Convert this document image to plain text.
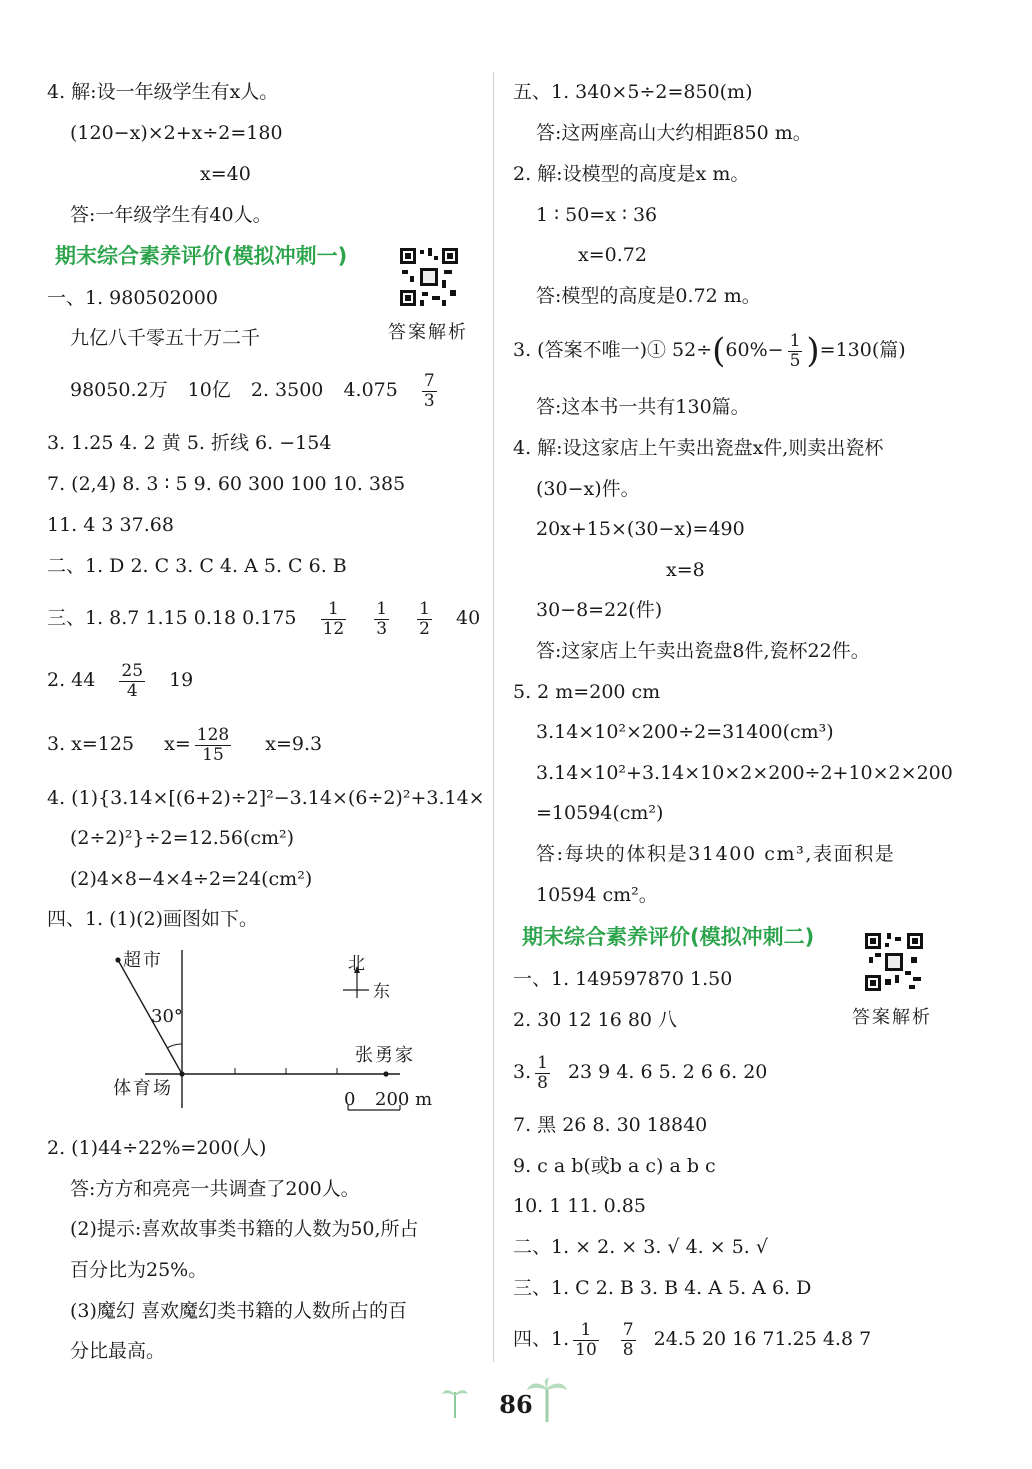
4. 解:设一年级学生有x人。
(120−x)×2+x÷2=180
x=40
答:一年级学生有40人。
期末综合素养评价(模拟冲刺一)
答案解析
一、1. 980502000
九亿八千零五十万二千
98050.2万 10亿 2. 3500 $4.075 \frac{7}{3}$
3. 1.25 4. 2 黄 5. 折线 6. −154
7. (2,4) 8. 3 ∶ 5 9. 60 300 100 10. 385
11. 4 3 37.68
二、1. D 2. C 3. C 4. A 5. C 6. B
三、1. 8.7 1.15 0.18 $0.175 \frac{1}{12}$
$\frac{1}{3}$
$\frac{1}{2} 40$
2. $44 \frac{25}{4} 19$
3. x=125 $x= \frac{128}{15} x=9.3$
4. (1){3.14×[(6+2)÷2]²−3.14×(6÷2)²+3.14×
(2÷2)²}÷2=12.56(cm²)
(2)4×8−4×4÷2=24(cm²)
四、1. (1)(2)画图如下。
超市
30°
北
东
张勇家
体育场
0 200 m
2. (1)44÷22%=200(人)
答:方方和亮亮一共调查了200人。
(2)提示:喜欢故事类书籍的人数为50,所占
百分比为25%。
(3)魔幻 喜欢魔幻类书籍的人数所占的百
分比最高。
五、1. 340×5÷2=850(m)
答:这两座高山大约相距850 m。
2. 解:设模型的高度是x m。
1 ∶ 50=x ∶ 36
x=0.72
答:模型的高度是0.72 m。
3. (答案不唯一)① $52\div(60\%- \frac{1}{5} )=130$(篇)
答:这本书一共有130篇。
4. 解:设这家店上午卖出瓷盘x件,则卖出瓷杯
(30−x)件。
20x+15×(30−x)=490
x=8
30−8=22(件)
答:这家店上午卖出瓷盘8件,瓷杯22件。
5. 2 m=200 cm
3.14×10²×200÷2=31400(cm³)
3.14×10²+3.14×10×2×200÷2+10×2×200
=10594(cm²)
答:每块的体积是31400 cm³,表面积是
10594 cm²。
期末综合素养评价(模拟冲刺二)
答案解析
一、1. 149597870 1.50
2. 30 12 16 80 八
3. $\frac{1}{8} 23$ 9 4. 6 5. 2 6 6. 20
7. 黑 26 8. 30 18840
9. c a b(或b a c) a b c
10. 1 11. 0.85
二、1. × 2. × 3. √ 4. × 5. √
三、1. C 2. B 3. B 4. A 5. A 6. D
四、1. $\frac{1}{10} \frac{7}{8} 24.5$ 20 16 71.25 4.8 7
86
